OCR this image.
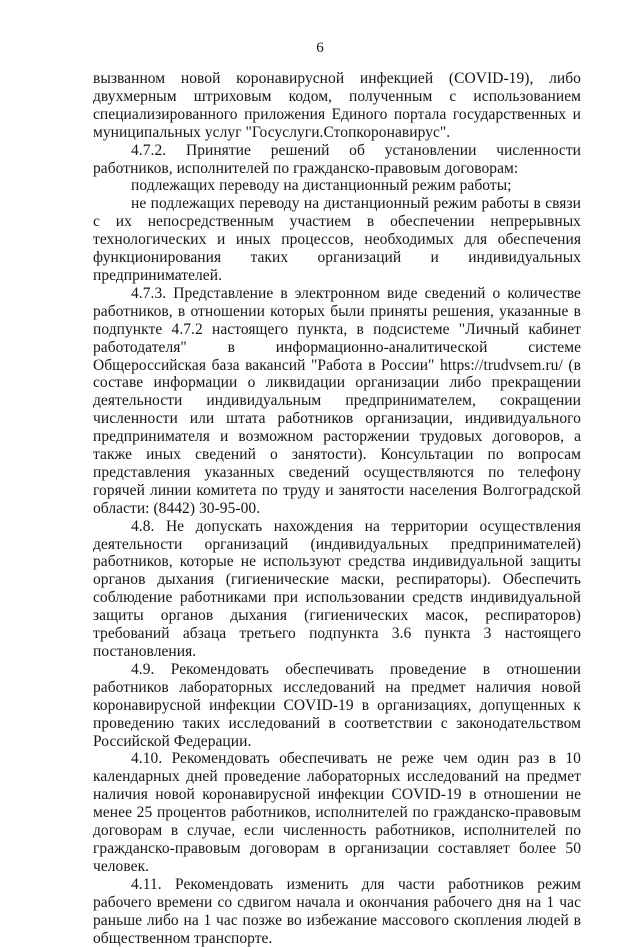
6

вызванном новой коронавирусной инфекцией (COVID-19), либо двухмерным штриховым кодом, полученным с использованием специализированного приложения Единого портала государственных и муниципальных услуг "Госуслуги.Стопкоронавирус".

4.7.2. Принятие решений об установлении численности работников, исполнителей по гражданско-правовым договорам:

подлежащих переводу на дистанционный режим работы;

не подлежащих переводу на дистанционный режим работы в связи с их непосредственным участием в обеспечении непрерывных технологических и иных процессов, необходимых для обеспечения функционирования таких организаций и индивидуальных предпринимателей.

4.7.3. Представление в электронном виде сведений о количестве работников, в отношении которых были приняты решения, указанные в подпункте 4.7.2 настоящего пункта, в подсистеме "Личный кабинет работодателя" в информационно-аналитической системе Общероссийская база вакансий "Работа в России" https://trudvsem.ru/ (в составе информации о ликвидации организации либо прекращении деятельности индивидуальным предпринимателем, сокращении численности или штата работников организации, индивидуального предпринимателя и возможном расторжении трудовых договоров, а также иных сведений о занятости). Консультации по вопросам представления указанных сведений осуществляются по телефону горячей линии комитета по труду и занятости населения Волгоградской области: (8442) 30-95-00.

4.8. Не допускать нахождения на территории осуществления деятельности организаций (индивидуальных предпринимателей) работников, которые не используют средства индивидуальной защиты органов дыхания (гигиенические маски, респираторы). Обеспечить соблюдение работниками при использовании средств индивидуальной защиты органов дыхания (гигиенических масок, респираторов) требований абзаца третьего подпункта 3.6 пункта 3 настоящего постановления.

4.9. Рекомендовать обеспечивать проведение в отношении работников лабораторных исследований на предмет наличия новой коронавирусной инфекции COVID-19 в организациях, допущенных к проведению таких исследований в соответствии с законодательством Российской Федерации.

4.10. Рекомендовать обеспечивать не реже чем один раз в 10 календарных дней проведение лабораторных исследований на предмет наличия новой коронавирусной инфекции COVID-19 в отношении не менее 25 процентов работников, исполнителей по гражданско-правовым договорам в случае, если численность работников, исполнителей по гражданско-правовым договорам в организации составляет более 50 человек.

4.11. Рекомендовать изменить для части работников режим рабочего времени со сдвигом начала и окончания рабочего дня на 1 час раньше либо на 1 час позже во избежание массового скопления людей в общественном транспорте.
